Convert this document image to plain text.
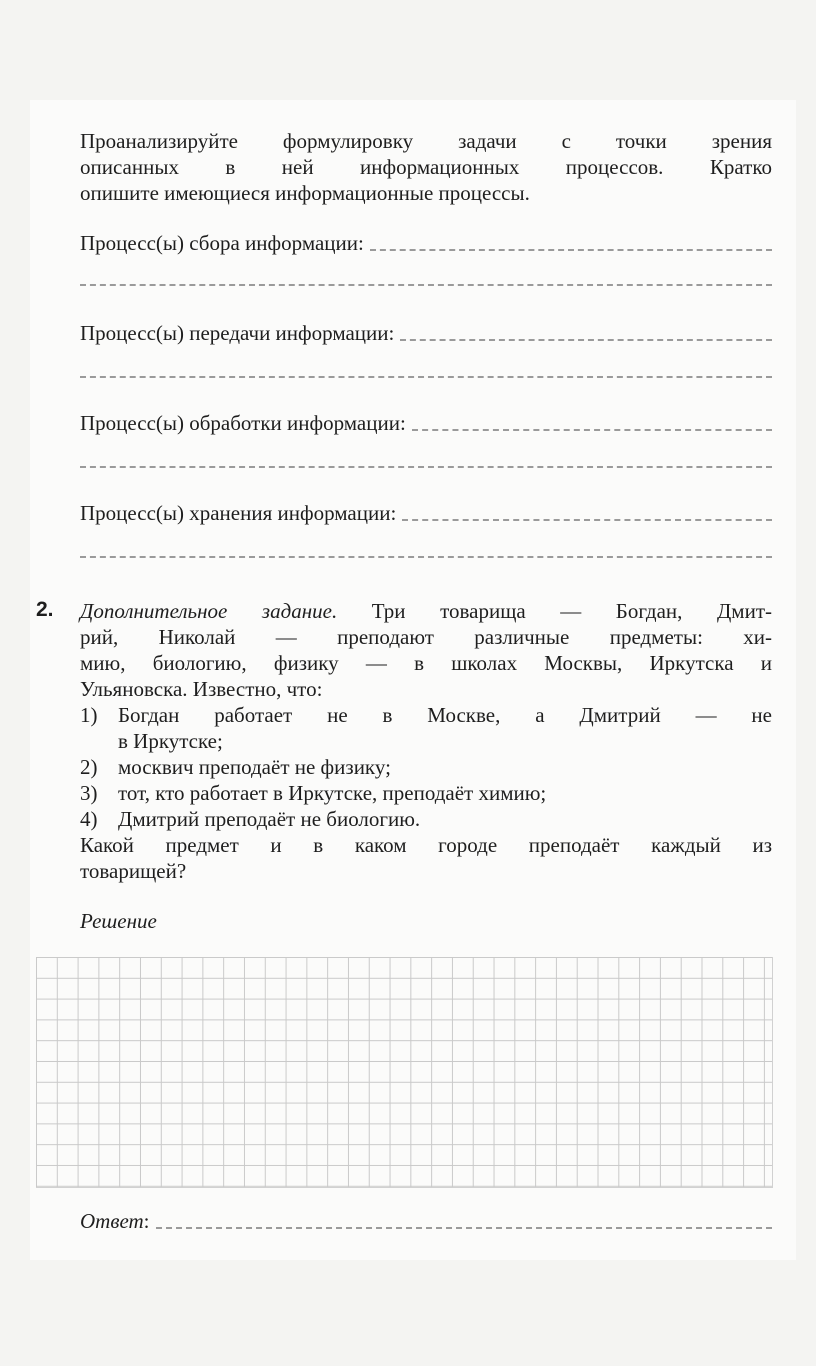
Проанализируйте формулировку задачи с точки зрения
описанных в ней информационных процессов. Кратко
опишите имеющиеся информационные процессы.
Процесс(ы) сбора информации:
Процесс(ы) передачи информации:
Процесс(ы) обработки информации:
Процесс(ы) хранения информации:
2. Дополнительное задание. Три товарища — Богдан, Дмит-
рий, Николай — преподают различные предметы: хи-
мию, биологию, физику — в школах Москвы, Иркутска и
Ульяновска. Известно, что:
1) Богдан работает не в Москве, а Дмитрий — не
в Иркутске;
2) москвич преподаёт не физику;
3) тот, кто работает в Иркутске, преподаёт химию;
4) Дмитрий преподаёт не биологию.
Какой предмет и в каком городе преподаёт каждый из
товарищей?
Решение
Ответ:
